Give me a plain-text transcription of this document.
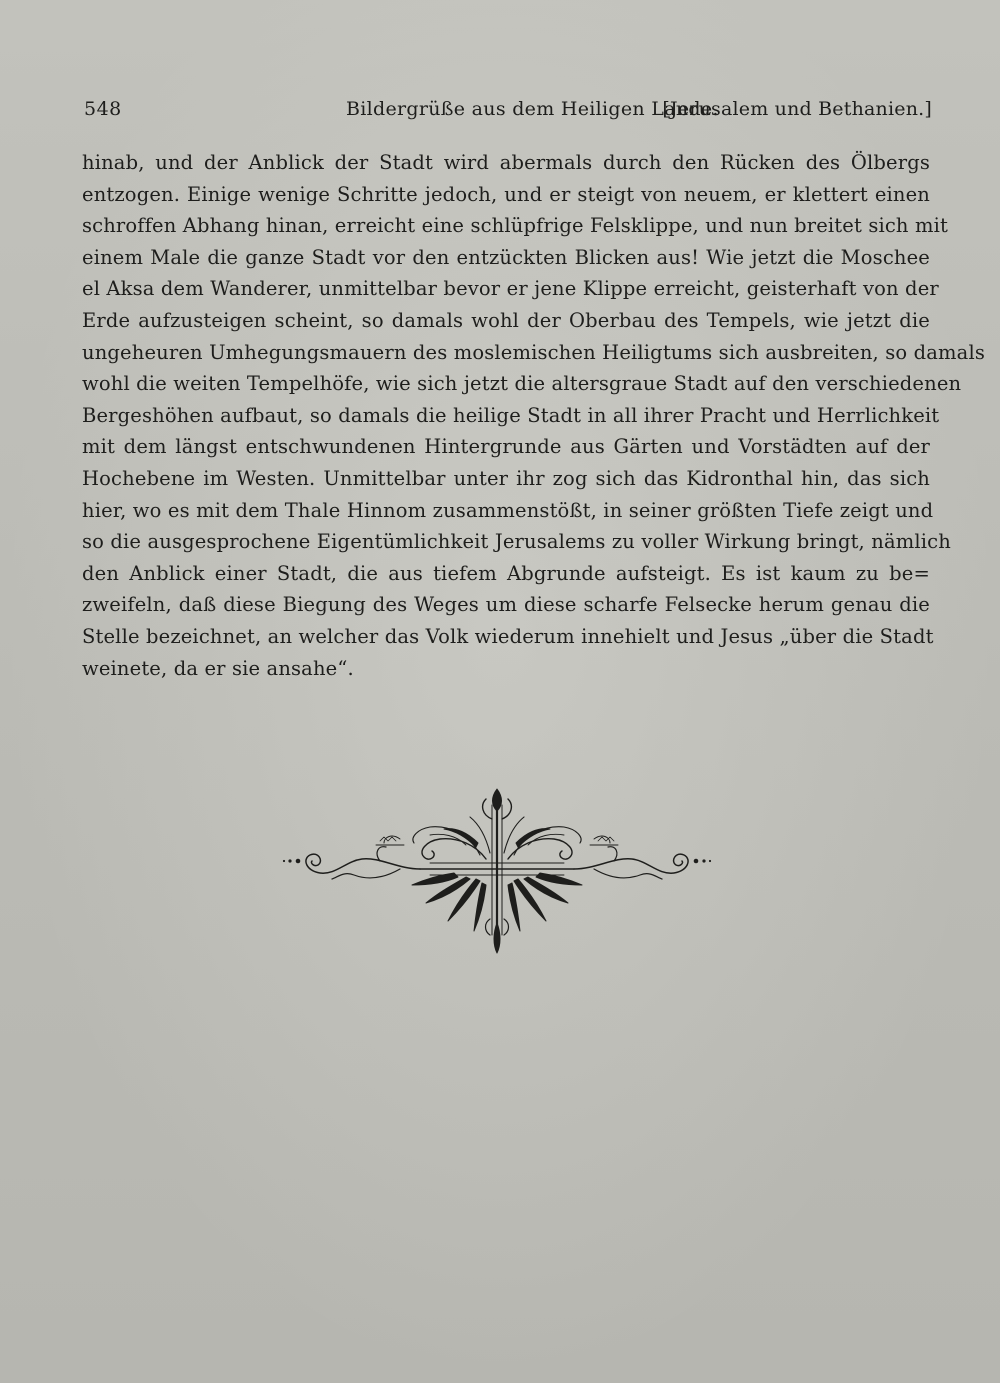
548	Bildergrüße aus dem Heiligen Lande.
[Jerusalem und Bethanien.]
hinab, und der Anblick der Stadt wird abermals durch den Rücken des Ölbergs
entzogen. Einige wenige Schritte jedoch, und er steigt von neuem, er klettert einen
schroffen Abhang hinan, erreicht eine schlüpfrige Felsklippe, und nun breitet sich mit
einem Male die ganze Stadt vor den entzückten Blicken aus! Wie jetzt die Moschee
el Aksa dem Wanderer, unmittelbar bevor er jene Klippe erreicht, geisterhaft von der
Erde aufzusteigen scheint, so damals wohl der Oberbau des Tempels, wie jetzt die
ungeheuren Umhegungsmauern des moslemischen Heiligtums sich ausbreiten, so damals
wohl die weiten Tempelhöfe, wie sich jetzt die altersgraue Stadt auf den verschiedenen
Bergeshöhen aufbaut, so damals die heilige Stadt in all ihrer Pracht und Herrlichkeit
mit dem längst entschwundenen Hintergrunde aus Gärten und Vorstädten auf der
Hochebene im Westen. Unmittelbar unter ihr zog sich das Kidronthal hin, das sich
hier, wo es mit dem Thale Hinnom zusammenstößt, in seiner größten Tiefe zeigt und
so die ausgesprochene Eigentümlichkeit Jerusalems zu voller Wirkung bringt, nämlich
den Anblick einer Stadt, die aus tiefem Abgrunde aufsteigt. Es ist kaum zu be=
zweifeln, daß diese Biegung des Weges um diese scharfe Felsecke herum genau die
Stelle bezeichnet, an welcher das Volk wiederum innehielt und Jesus „über die Stadt
weinete, da er sie ansahe“.
